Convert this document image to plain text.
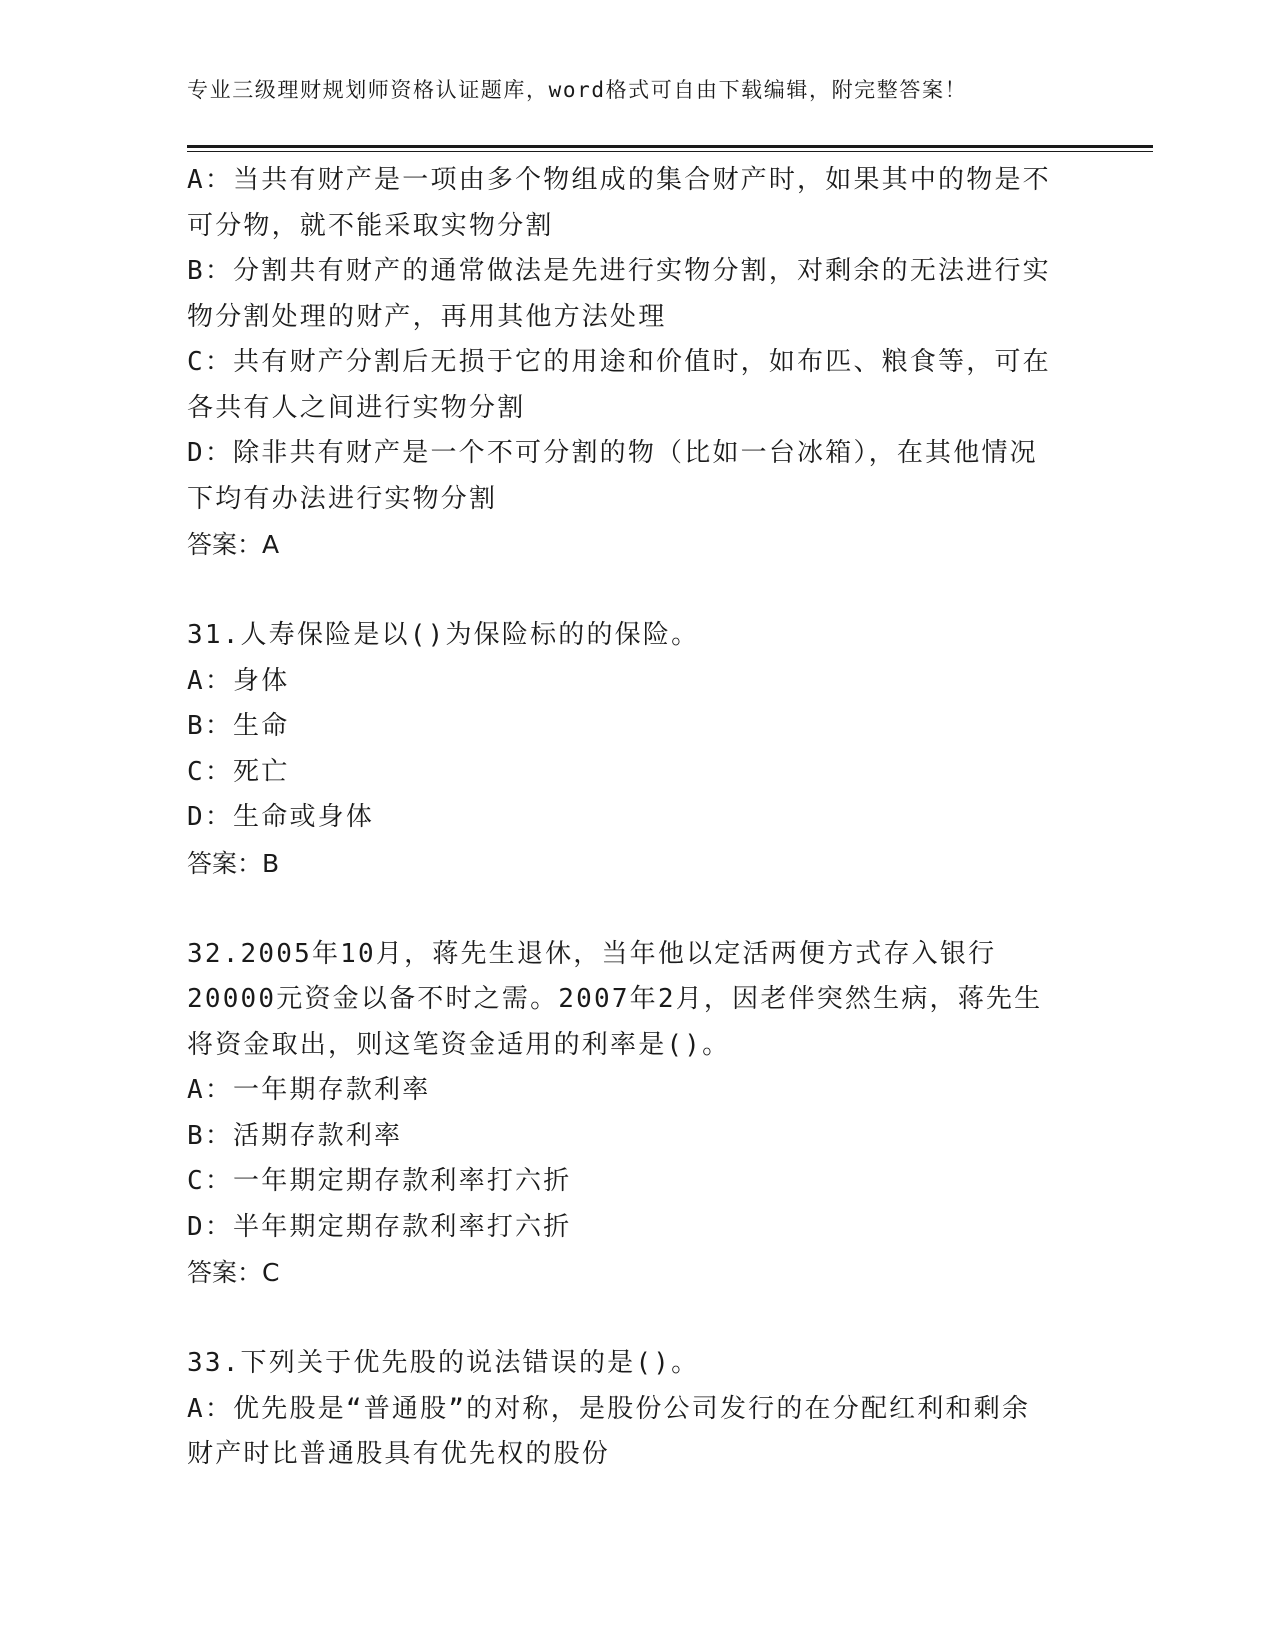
专业三级理财规划师资格认证题库，word格式可自由下载编辑，附完整答案！
A：当共有财产是一项由多个物组成的集合财产时，如果其中的物是不
可分物，就不能采取实物分割
B：分割共有财产的通常做法是先进行实物分割，对剩余的无法进行实
物分割处理的财产，再用其他方法处理
C：共有财产分割后无损于它的用途和价值时，如布匹、粮食等，可在
各共有人之间进行实物分割
D：除非共有财产是一个不可分割的物（比如一台冰箱），在其他情况
下均有办法进行实物分割
答案：A
31.人寿保险是以()为保险标的的保险。
A：身体
B：生命
C：死亡
D：生命或身体
答案：B
32.2005年10月，蒋先生退休，当年他以定活两便方式存入银行
20000元资金以备不时之需。2007年2月，因老伴突然生病，蒋先生
将资金取出，则这笔资金适用的利率是()。
A：一年期存款利率
B：活期存款利率
C：一年期定期存款利率打六折
D：半年期定期存款利率打六折
答案：C
33.下列关于优先股的说法错误的是()。
A：优先股是“普通股”的对称，是股份公司发行的在分配红利和剩余
财产时比普通股具有优先权的股份
